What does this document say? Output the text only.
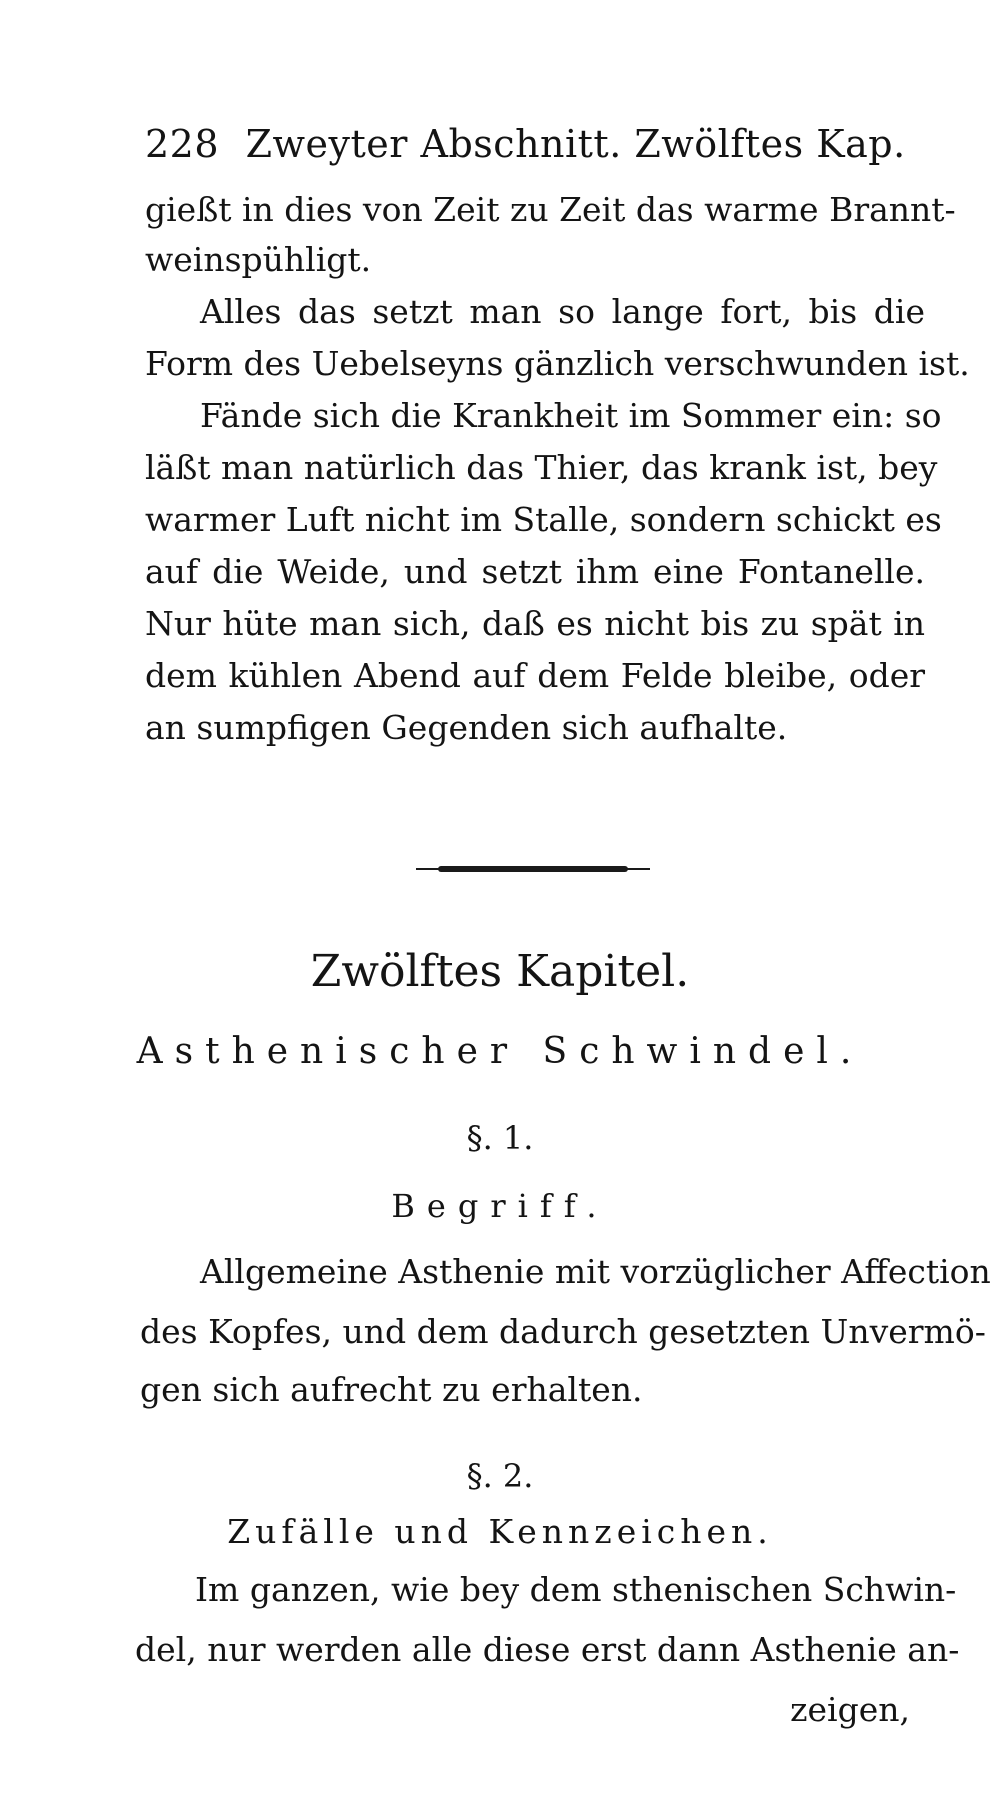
228 Zweyter Abschnitt. Zwölftes Kap.

gießt in dies von Zeit zu Zeit das warme Brannt-

weinspühligt.

Alles das setzt man so lange fort, bis die

Form des Uebelseyns gänzlich verschwunden ist.

Fände sich die Krankheit im Sommer ein: so

läßt man natürlich das Thier, das krank ist, bey

warmer Luft nicht im Stalle, sondern schickt es

auf die Weide, und setzt ihm eine Fontanelle.

Nur hüte man sich, daß es nicht bis zu spät in

dem kühlen Abend auf dem Felde bleibe, oder

an sumpfigen Gegenden sich aufhalte.

Zwölftes Kapitel.

Asthenischer Schwindel.

§. 1.

Begriff.

Allgemeine Asthenie mit vorzüglicher Affection

des Kopfes, und dem dadurch gesetzten Unvermö-

gen sich aufrecht zu erhalten.

§. 2.

Zufälle und Kennzeichen.

Im ganzen, wie bey dem sthenischen Schwin-

del, nur werden alle diese erst dann Asthenie an-

zeigen,
